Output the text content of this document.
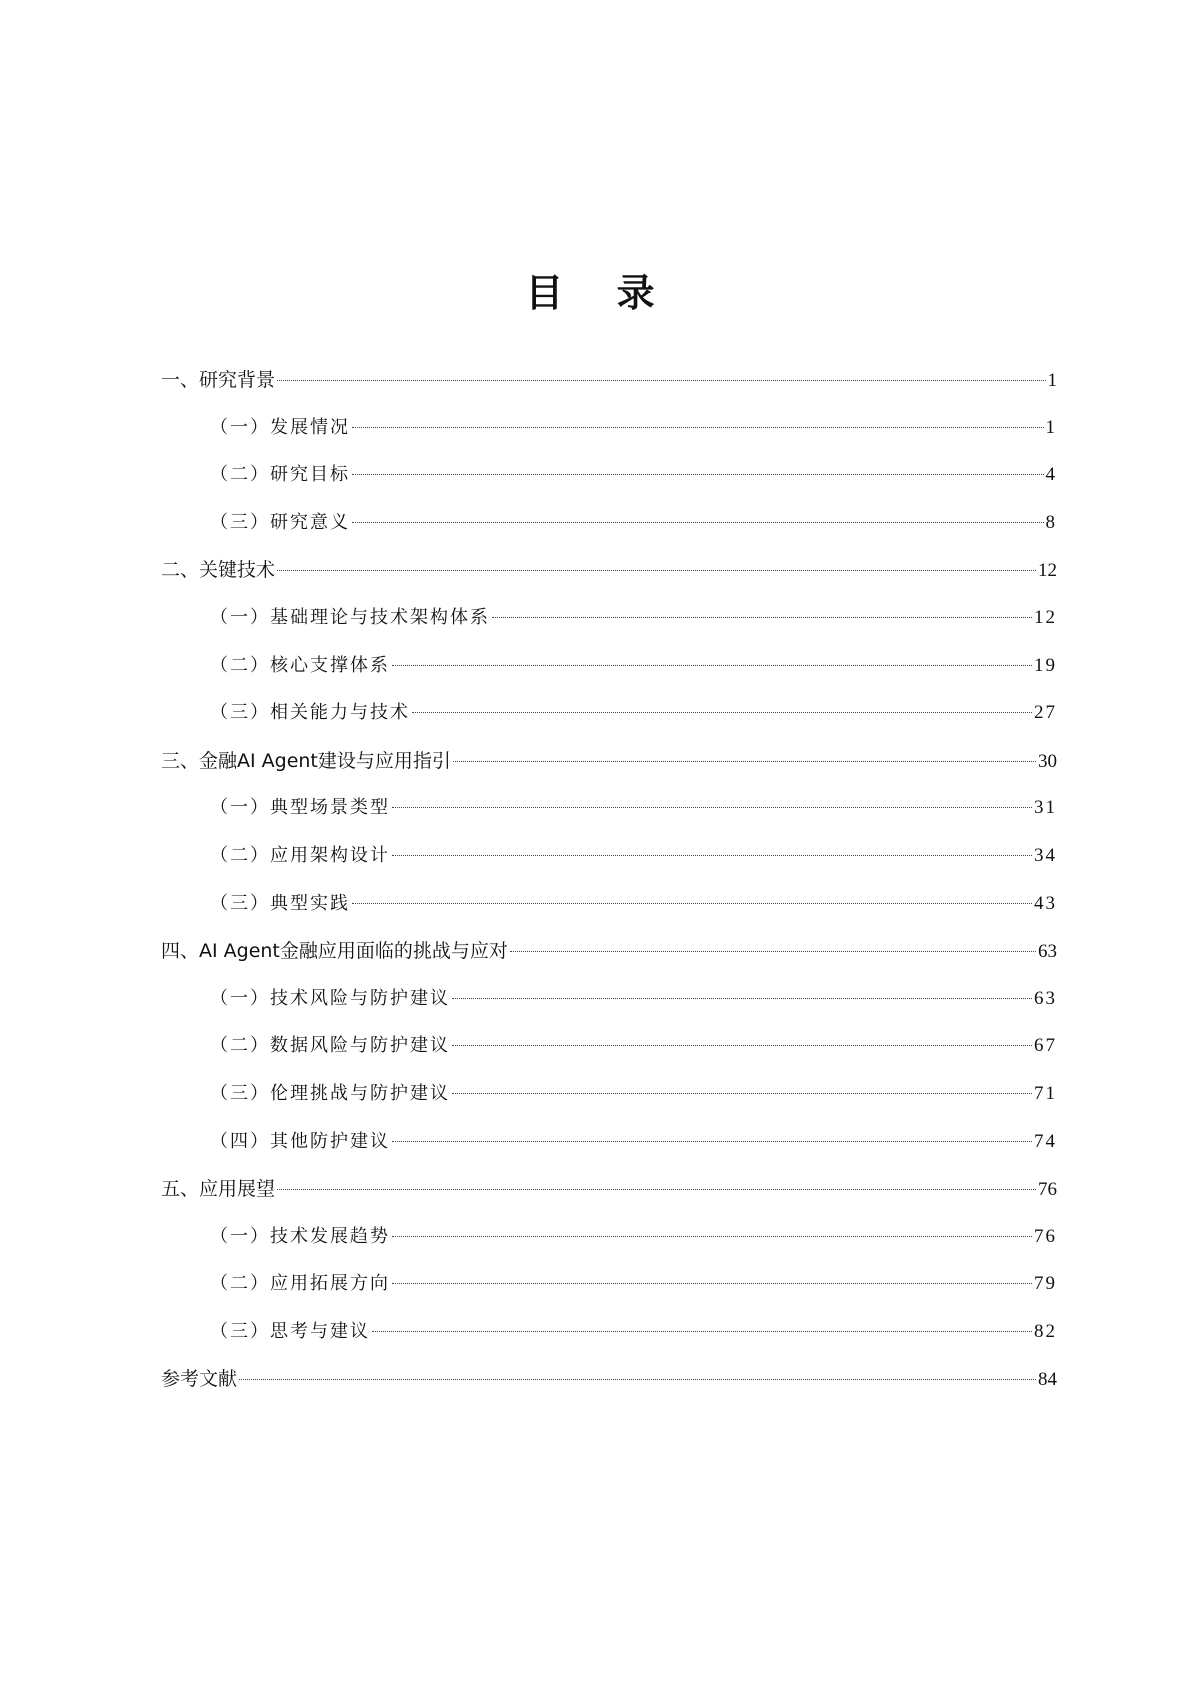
目 录
一、研究背景	1
（一）发展情况	1
（二）研究目标	4
（三）研究意义	8
二、关键技术	12
（一）基础理论与技术架构体系	12
（二）核心支撑体系	19
（三）相关能力与技术	27
三、金融AI Agent建设与应用指引	30
（一）典型场景类型	31
（二）应用架构设计	34
（三）典型实践	43
四、AI Agent金融应用面临的挑战与应对	63
（一）技术风险与防护建议	63
（二）数据风险与防护建议	67
（三）伦理挑战与防护建议	71
（四）其他防护建议	74
五、应用展望	76
（一）技术发展趋势	76
（二）应用拓展方向	79
（三）思考与建议	82
参考文献	84
